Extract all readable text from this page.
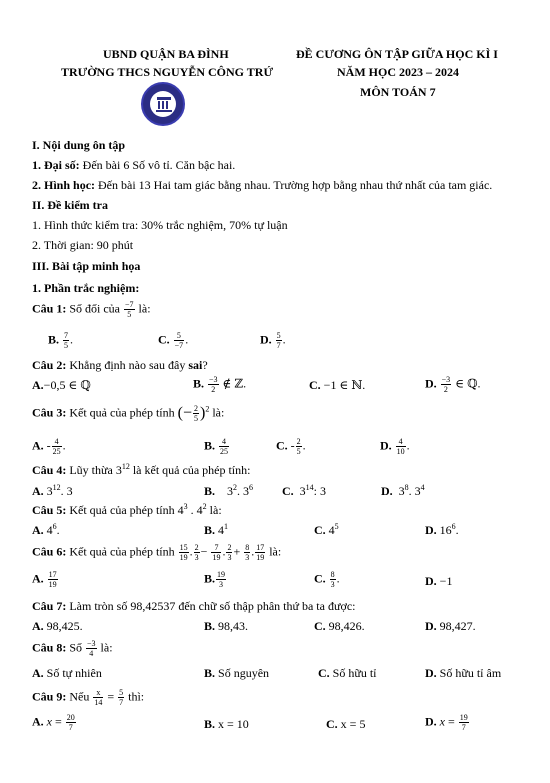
UBND QUẬN BA ĐÌNH
TRƯỜNG THCS NGUYỄN CÔNG TRỨ
ĐỀ CƯƠNG ÔN TẬP GIỮA HỌC KÌ I
NĂM HỌC 2023 – 2024
MÔN TOÁN 7
I. Nội dung ôn tập
1. Đại số: Đến bài 6 Số vô tỉ. Căn bậc hai.
2. Hình học: Đến bài 13 Hai tam giác bằng nhau. Trường hợp bằng nhau thứ nhất của tam giác.
II. Đề kiểm tra
1. Hình thức kiểm tra: 30% trắc nghiệm, 70% tự luận
2. Thời gian: 90 phút
III. Bài tập minh họa
1. Phần trắc nghiệm:
Câu 1: Số đối của $\frac{-7}{5}$ là:
B. $\frac{7}{5}$ .	C. $\frac{5}{-7}$ .	D. $\frac{5}{7}$ .
Câu 2: Khẳng định nào sau đây sai?
A.−0,5 ∈ ℚ	B. $\frac{-3}{2}$ ∉ ℤ.	C. −1 ∈ ℕ.	D. $\frac{-3}{2}$ ∈ ℚ.
Câu 3: Kết quả của phép tính (− $\frac{2}{5} )^2$ là:
A. - $\frac{4}{25}$ .	B. $\frac{4}{25}$	C. - $\frac{2}{5}$ .	D. $\frac{4}{10}$ .
Câu 4: Lũy thừa $3^{12}$ là kết quả của phép tính:
A. $3^{12}$. 3	B.    $3^2$. $3^6$ C.  $3^{14}$: 3	D.  $3^8$. $3^4$
Câu 5: Kết quả của phép tính $4^3$ . $4^2$ là:
A. $4^6$.	B. $4^1$	C. $4^5$	D. $16^6$.
Câu 6: Kết quả của phép tính $\frac{15}{19}$ . $\frac{2}{3} - \frac{7}{19}$ . $\frac{2}{3} + \frac{8}{3}$ . $\frac{17}{19}$ là:
A. $\frac{17}{19}$	B. $\frac{19}{3}$	C. $\frac{8}{3}$ .	D. −1
Câu 7: Làm tròn số 98,42537 đến chữ số thập phân thứ ba ta được:
A. 98,425.	B. 98,43.	C. 98,426.	D. 98,427.
Câu 8: Số $\frac{-3}{4}$ là:
A. Số tự nhiên	B. Số nguyên	C. Số hữu tỉ	D. Số hữu tỉ âm
Câu 9: Nếu $\frac{x}{14} = \frac{5}{7}$ thì:
A. $x = \frac{20}{7}$	B. x = 10	C. x = 5	D. $x = \frac{19}{7}$
